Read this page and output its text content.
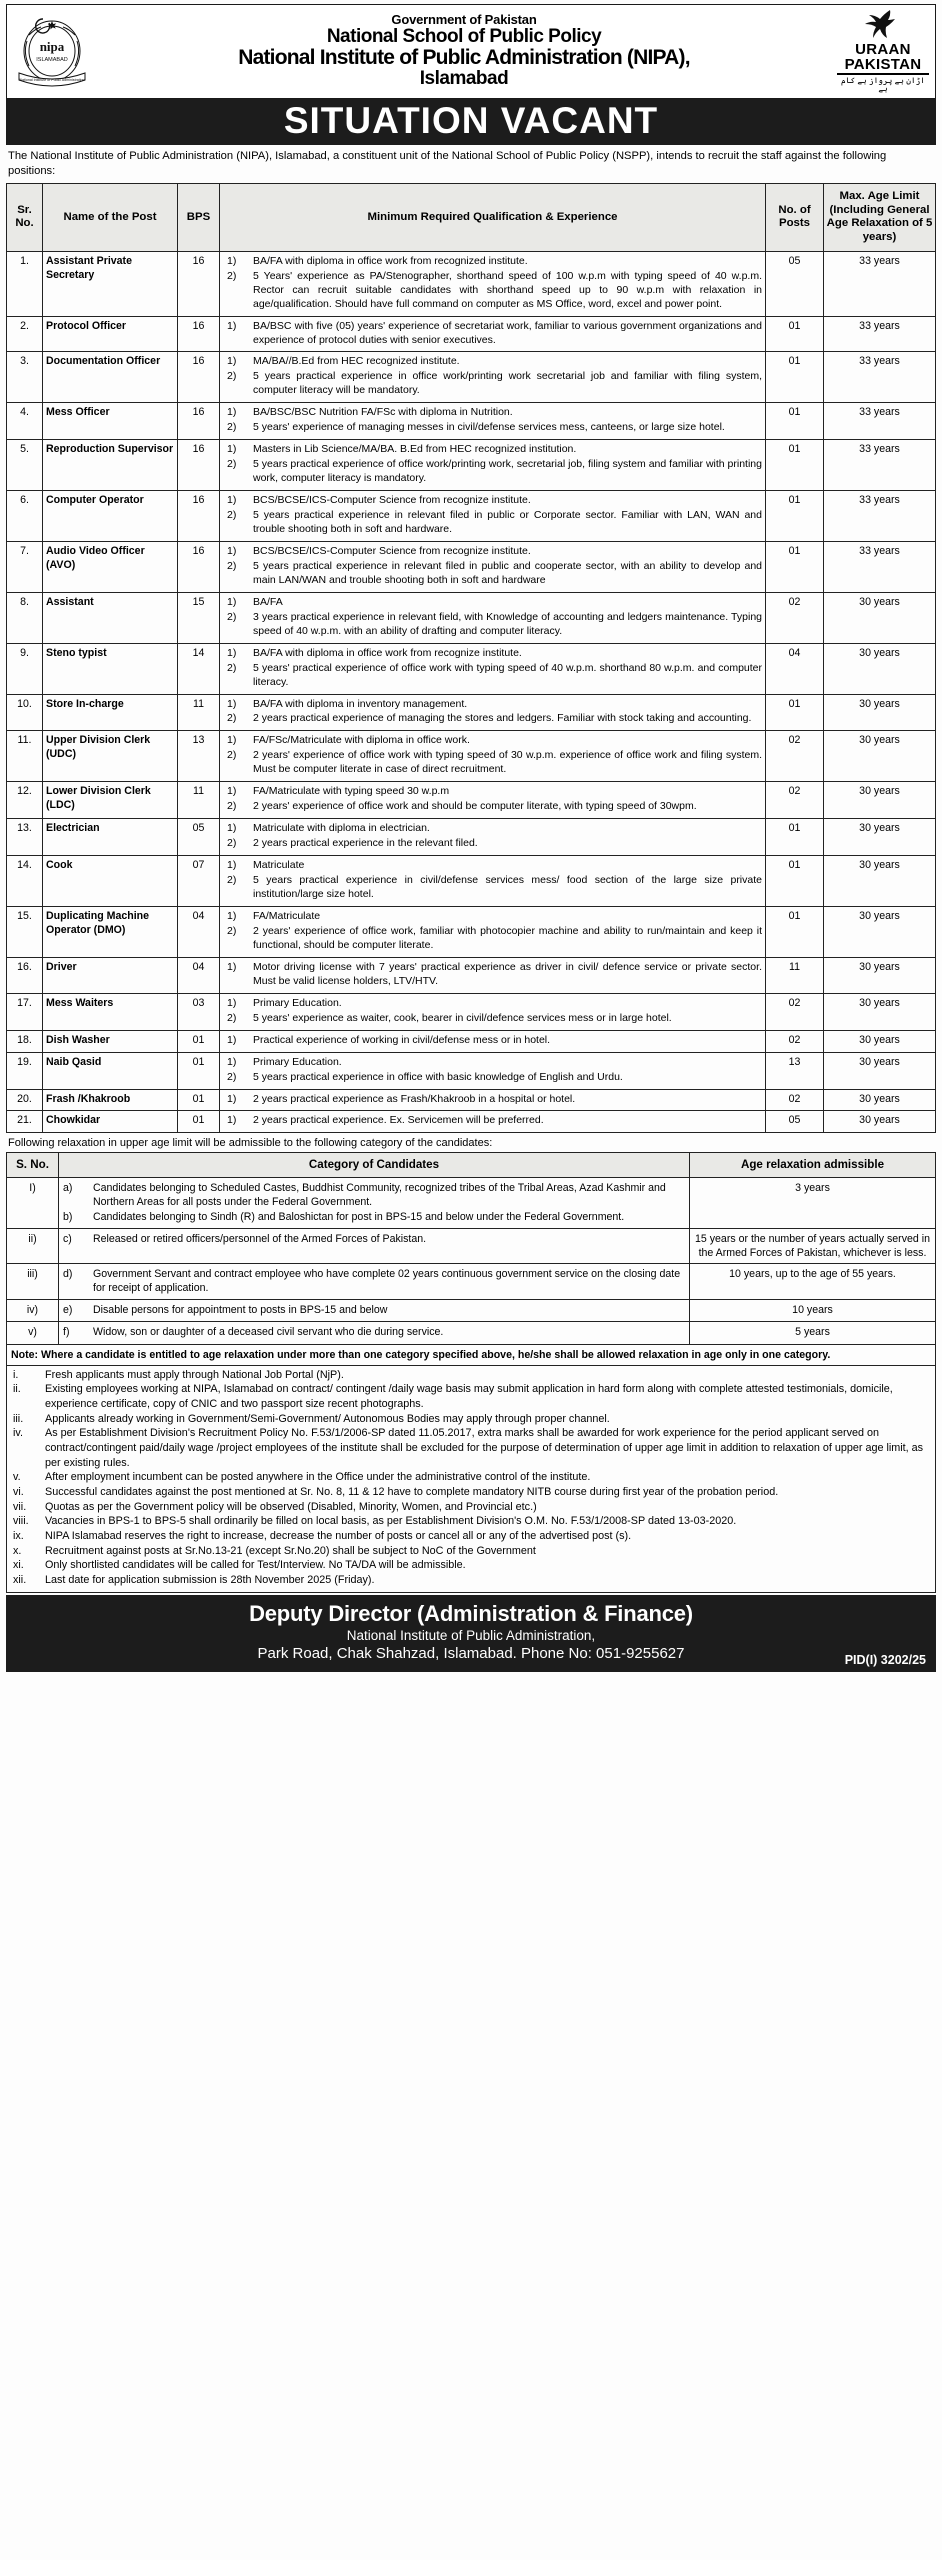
nipa
ISLAMABAD
National Institute of Public Administration
Government of Pakistan
National School of Public Policy
National Institute of Public Administration (NIPA),
Islamabad
URAAN
PAKISTAN
اڑان ہے پرواز ہے کام ہے
SITUATION VACANT
The National Institute of Public Administration (NIPA), Islamabad, a constituent unit of the National School of Public Policy (NSPP), intends to recruit the staff against the following positions:
Sr. No.	Name of the Post	BPS	Minimum Required Qualification & Experience	No. of Posts	Max. Age Limit (Including General Age Relaxation of 5 years)
1.	Assistant Private Secretary	16	1)	BA/FA with diploma in office work from recognized institute.
2)	5 Years' experience as PA/Stenographer, shorthand speed of 100 w.p.m with typing speed of 40 w.p.m. Rector can recruit suitable candidates with shorthand speed up to 90 w.p.m with relaxation in age/qualification. Should have full command on computer as MS Office, word, excel and power point.
	05	33 years
2.	Protocol Officer	16	1)	BA/BSC with five (05) years' experience of secretariat work, familiar to various government organizations and experience of protocol duties with senior executives.
	01	33 years
3.	Documentation Officer	16	1)	MA/BA//B.Ed from HEC recognized institute.
2)	5 years practical experience in office work/printing work secretarial job and familiar with filing system, computer literacy will be mandatory.
	01	33 years
4.	Mess Officer	16	1)	BA/BSC/BSC Nutrition FA/FSc with diploma in Nutrition.
2)	5 years' experience of managing messes in civil/defense services mess, canteens, or large size hotel.
	01	33 years
5.	Reproduction Supervisor	16	1)	Masters in Lib Science/MA/BA. B.Ed from HEC recognized institution.
2)	5 years practical experience of office work/printing work, secretarial job, filing system and familiar with printing work, computer literacy is mandatory.
	01	33 years
6.	Computer Operator	16	1)	BCS/BCSE/ICS-Computer Science from recognize institute.
2)	5 years practical experience in relevant filed in public or Corporate sector. Familiar with LAN, WAN and trouble shooting both in soft and hardware.
	01	33 years
7.	Audio Video Officer (AVO)	16	1)	BCS/BCSE/ICS-Computer Science from recognize institute.
2)	5 years practical experience in relevant filed in public and cooperate sector, with an ability to develop and main LAN/WAN and trouble shooting both in soft and hardware
	01	33 years
8.	Assistant	15	1)	BA/FA
2)	3 years practical experience in relevant field, with Knowledge of accounting and ledgers maintenance. Typing speed of 40 w.p.m. with an ability of drafting and computer literacy.
	02	30 years
9.	Steno typist	14	1)	BA/FA with diploma in office work from recognize institute.
2)	5 years' practical experience of office work with typing speed of 40 w.p.m. shorthand 80 w.p.m. and computer literacy.
	04	30 years
10.	Store In-charge	11	1)	BA/FA with diploma in inventory management.
2)	2 years practical experience of managing the stores and ledgers. Familiar with stock taking and accounting.
	01	30 years
11.	Upper Division Clerk (UDC)	13	1)	FA/FSc/Matriculate with diploma in office work.
2)	2 years' experience of office work with typing speed of 30 w.p.m. experience of office work and filing system. Must be computer literate in case of direct recruitment.
	02	30 years
12.	Lower Division Clerk (LDC)	11	1)	FA/Matriculate with typing speed 30 w.p.m
2)	2 years' experience of office work and should be computer literate, with typing speed of 30wpm.
	02	30 years
13.	Electrician	05	1)	Matriculate with diploma in electrician.
2)	2 years practical experience in the relevant filed.
	01	30 years
14.	Cook	07	1)	Matriculate
2)	5 years practical experience in civil/defense services mess/ food section of the large size private institution/large size hotel.
	01	30 years
15.	Duplicating Machine Operator (DMO)	04	1)	FA/Matriculate
2)	2 years' experience of office work, familiar with photocopier machine and ability to run/maintain and keep it functional, should be computer literate.
	01	30 years
16.	Driver	04	1)	Motor driving license with 7 years' practical experience as driver in civil/ defence service or private sector. Must be valid license holders, LTV/HTV.
	11	30 years
17.	Mess Waiters	03	1)	Primary Education.
2)	5 years' experience as waiter, cook, bearer in civil/defence services mess or in large hotel.
	02	30 years
18.	Dish Washer	01	1)	Practical experience of working in civil/defense mess or in hotel.	02	30 years
19.	Naib Qasid	01	1)	Primary Education.
2)	5 years practical experience in office with basic knowledge of English and Urdu.
	13	30 years
20.	Frash /Khakroob	01	1)	2 years practical experience as Frash/Khakroob in a hospital or hotel.	02	30 years
21.	Chowkidar	01	1)	2 years practical experience. Ex. Servicemen will be preferred.	05	30 years
Following relaxation in upper age limit will be admissible to the following category of the candidates:
S. No.	Category of Candidates	Age relaxation admissible
I)	a) Candidates belonging to Scheduled Castes, Buddhist Community, recognized tribes of the Tribal Areas, Azad Kashmir and Northern Areas for all posts under the Federal Government.
b) Candidates belonging to Sindh (R) and Baloshictan for post in BPS-15 and below under the Federal Government.	3 years
ii)	c) Released or retired officers/personnel of the Armed Forces of Pakistan.	15 years or the number of years actually served in the Armed Forces of Pakistan, whichever is less.
iii)	d) Government Servant and contract employee who have complete 02 years continuous government service on the closing date for receipt of application.	10 years, up to the age of 55 years.
iv)	e) Disable persons for appointment to posts in BPS-15 and below	10 years
v)	f) Widow, son or daughter of a deceased civil servant who die during service.	5 years
Note: Where a candidate is entitled to age relaxation under more than one category specified above, he/she shall be allowed relaxation in age only in one category.		
i.	Fresh applicants must apply through National Job Portal (NjP).
ii.	Existing employees working at NIPA, Islamabad on contract/ contingent /daily wage basis may submit application in hard form along with complete attested testimonials, domicile, experience certificate, copy of CNIC and two passport size recent photographs.
iii.	Applicants already working in Government/Semi-Government/ Autonomous Bodies may apply through proper channel.
iv.	As per Establishment Division's Recruitment Policy No. F.53/1/2006-SP dated 11.05.2017, extra marks shall be awarded for work experience for the period applicant served on contract/contingent paid/daily wage /project employees of the institute shall be excluded for the purpose of determination of upper age limit in addition to relaxation of upper age limit, as per existing rules.
v.	After employment incumbent can be posted anywhere in the Office under the administrative control of the institute.
vi.	Successful candidates against the post mentioned at Sr. No. 8, 11 & 12 have to complete mandatory NITB course during first year of the probation period.
vii.	Quotas as per the Government policy will be observed (Disabled, Minority, Women, and Provincial etc.)
viii.	Vacancies in BPS-1 to BPS-5 shall ordinarily be filled on local basis, as per Establishment Division's O.M. No. F.53/1/2008-SP dated 13-03-2020.
ix.	NIPA Islamabad reserves the right to increase, decrease the number of posts or cancel all or any of the advertised post (s).
x.	Recruitment against posts at Sr.No.13-21 (except Sr.No.20) shall be subject to NoC of the Government
xi.	Only shortlisted candidates will be called for Test/Interview. No TA/DA will be admissible.
xii.	Last date for application submission is 28th November 2025 (Friday).
Deputy Director (Administration & Finance)
National Institute of Public Administration,
Park Road, Chak Shahzad, Islamabad. Phone No: 051-9255627	PID(I) 3202/25
